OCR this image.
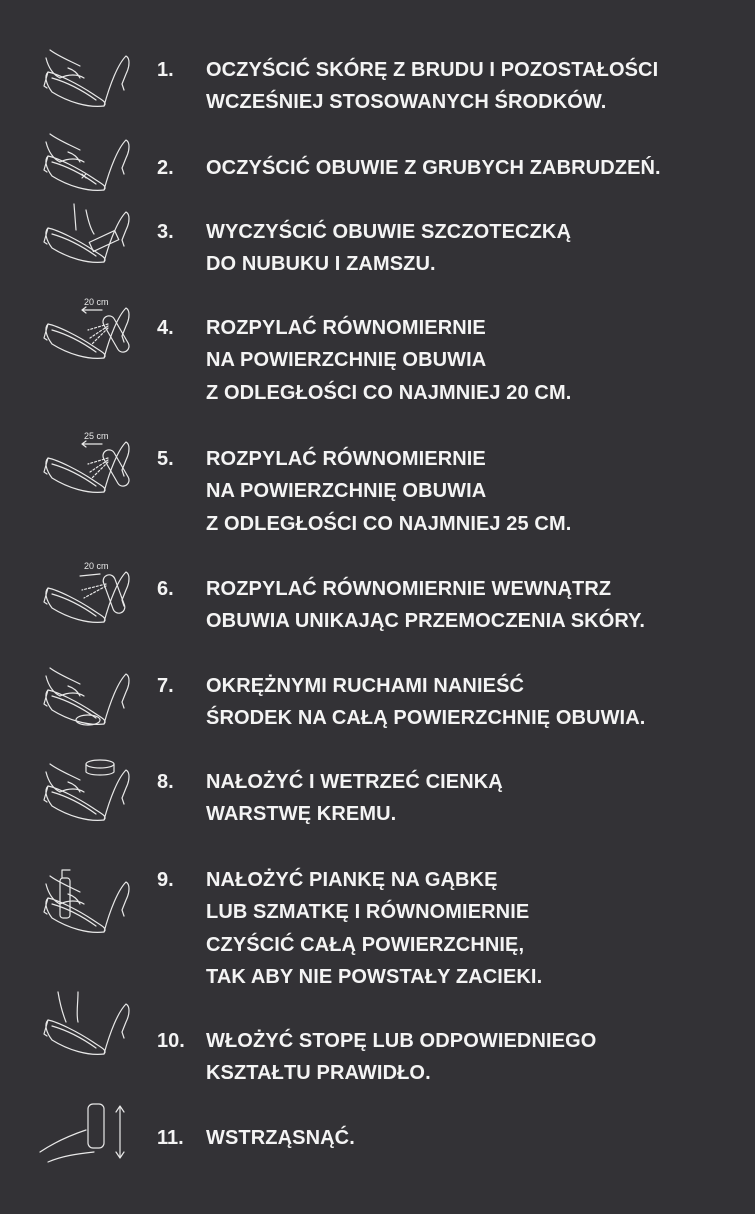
1. OCZYŚCIĆ SKÓRĘ Z BRUDU I POZOSTAŁOŚCI
WCZEŚNIEJ STOSOWANYCH ŚRODKÓW.
2. OCZYŚCIĆ OBUWIE Z GRUBYCH ZABRUDZEŃ.
3. WYCZYŚCIĆ OBUWIE SZCZOTECZKĄ
DO NUBUKU I ZAMSZU.
4. ROZPYLAĆ RÓWNOMIERNIE
NA POWIERZCHNIĘ OBUWIA
Z ODLEGŁOŚCI CO NAJMNIEJ 20 CM.
20 cm
5. ROZPYLAĆ RÓWNOMIERNIE
NA POWIERZCHNIĘ OBUWIA
Z ODLEGŁOŚCI CO NAJMNIEJ 25 CM.
25 cm
6. ROZPYLAĆ RÓWNOMIERNIE WEWNĄTRZ
OBUWIA UNIKAJĄC PRZEMOCZENIA SKÓRY.
20 cm
7. OKRĘŻNYMI RUCHAMI NANIEŚĆ
ŚRODEK NA CAŁĄ POWIERZCHNIĘ OBUWIA.
8. NAŁOŻYĆ I WETRZEĆ CIENKĄ
WARSTWĘ KREMU.
9. NAŁOŻYĆ PIANKĘ NA GĄBKĘ
LUB SZMATKĘ I RÓWNOMIERNIE
CZYŚCIĆ CAŁĄ POWIERZCHNIĘ,
TAK ABY NIE POWSTAŁY ZACIEKI.
10. WŁOŻYĆ STOPĘ LUB ODPOWIEDNIEGO
KSZTAŁTU PRAWIDŁO.
11. WSTRZĄSNĄĆ.
